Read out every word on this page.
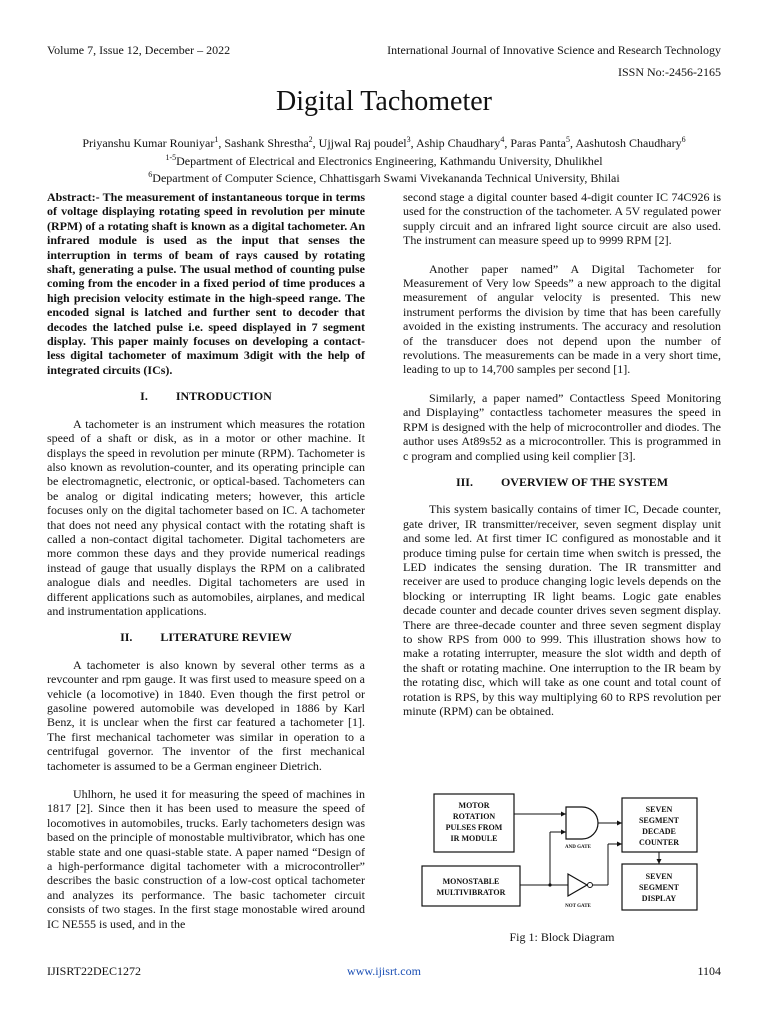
Volume 7, Issue 12, December – 2022	International Journal of Innovative Science and Research Technology
ISSN No:-2456-2165
Digital Tachometer
Priyanshu Kumar Rouniyar$^1$, Sashank Shrestha$^2$, Ujjwal Raj poudel$^3$, Aship Chaudhary$^4$, Paras Panta$^5$, Aashutosh Chaudhary$^6$
$^{1-5}$Department of Electrical and Electronics Engineering, Kathmandu University, Dhulikhel
$^6$Department of Computer Science, Chhattisgarh Swami Vivekananda Technical University, Bhilai

Abstract:- The measurement of instantaneous torque in terms of voltage displaying rotating speed in revolution per minute (RPM) of a rotating shaft is known as a digital tachometer. An infrared module is used as the input that senses the interruption in terms of beam of rays caused by rotating shaft, generating a pulse. The usual method of counting pulse coming from the encoder in a fixed period of time produces a high precision velocity estimate in the high-speed range. The encoded signal is latched and further sent to decoder that decodes the latched pulse i.e. speed displayed in 7 segment display. This paper mainly focuses on developing a contact-less digital tachometer of maximum 3digit with the help of integrated circuits (ICs).

I. INTRODUCTION

A tachometer is an instrument which measures the rotation speed of a shaft or disk, as in a motor or other machine. It displays the speed in revolution per minute (RPM). Tachometer is also known as revolution-counter, and its operating principle can be electromagnetic, electronic, or optical-based. Tachometers can be analog or digital indicating meters; however, this article focuses only on the digital tachometer based on IC. A tachometer that does not need any physical contact with the rotating shaft is called a non-contact digital tachometer. Digital tachometers are more common these days and they provide numerical readings instead of gauge that usually displays the RPM on a calibrated analogue dials and needles. Digital tachometers are used in different applications such as automobiles, airplanes, and medical and instrumentation applications.

II. LITERATURE REVIEW

A tachometer is also known by several other terms as a revcounter and rpm gauge. It was first used to measure speed on a vehicle (a locomotive) in 1840. Even though the first petrol or gasoline powered automobile was developed in 1886 by Karl Benz, it is unclear when the first car featured a tachometer [1]. The first mechanical tachometer was similar in operation to a centrifugal governor. The inventor of the first mechanical tachometer is assumed to be a German engineer Dietrich.

Uhlhorn, he used it for measuring the speed of machines in 1817 [2]. Since then it has been used to measure the speed of locomotives in automobiles, trucks. Early tachometers design was based on the principle of monostable multivibrator, which has one stable state and one quasi-stable state. A paper named “Design of a high-performance digital tachometer with a microcontroller” describes the basic construction of a low-cost optical tachometer and analyzes its performance. The basic tachometer circuit consists of two stages. In the first stage monostable wired around IC NE555 is used, and in the

second stage a digital counter based 4-digit counter IC 74C926 is used for the construction of the tachometer. A 5V regulated power supply circuit and an infrared light source circuit are also used. The instrument can measure speed up to 9999 RPM [2].

Another paper named” A Digital Tachometer for Measurement of Very low Speeds” a new approach to the digital measurement of angular velocity is presented. This new instrument performs the division by time that has been carefully avoided in the existing instruments. The accuracy and resolution of the transducer does not depend upon the number of revolutions. The measurements can be made in a very short time, leading to up to 14,700 samples per second [1].

Similarly, a paper named” Contactless Speed Monitoring and Displaying” contactless tachometer measures the speed in RPM is designed with the help of microcontroller and diodes. The author uses At89s52 as a microcontroller. This is programmed in c program and complied using keil complier [3].

III. OVERVIEW OF THE SYSTEM

This system basically contains of timer IC, Decade counter, gate driver, IR transmitter/receiver, seven segment display unit and some led. At first timer IC configured as monostable and it produce timing pulse for certain time when switch is pressed, the LED indicates the sensing duration. The IR transmitter and receiver are used to produce changing logic levels depends on the blocking or interrupting IR light beams. Logic gate enables decade counter and decade counter drives seven segment display. There are three-decade counter and three seven segment display to show RPS from 000 to 999. This illustration shows how to make a rotating interrupter, measure the slot width and depth of the shaft or rotating machine. One interruption to the IR beam by the rotating disc, which will take as one count and total count of rotation is RPS, by this way multiplying 60 to RPS revolution per minute (RPM) can be obtained.

MOTOR
ROTATION
PULSES FROM
IR MODULE
MONOSTABLE
MULTIVIBRATOR
AND GATE
NOT GATE
SEVEN
SEGMENT
DECADE
COUNTER
SEVEN
SEGMENT
DISPLAY
Fig 1: Block Diagram
IJISRT22DEC1272	www.ijisrt.com	1104
